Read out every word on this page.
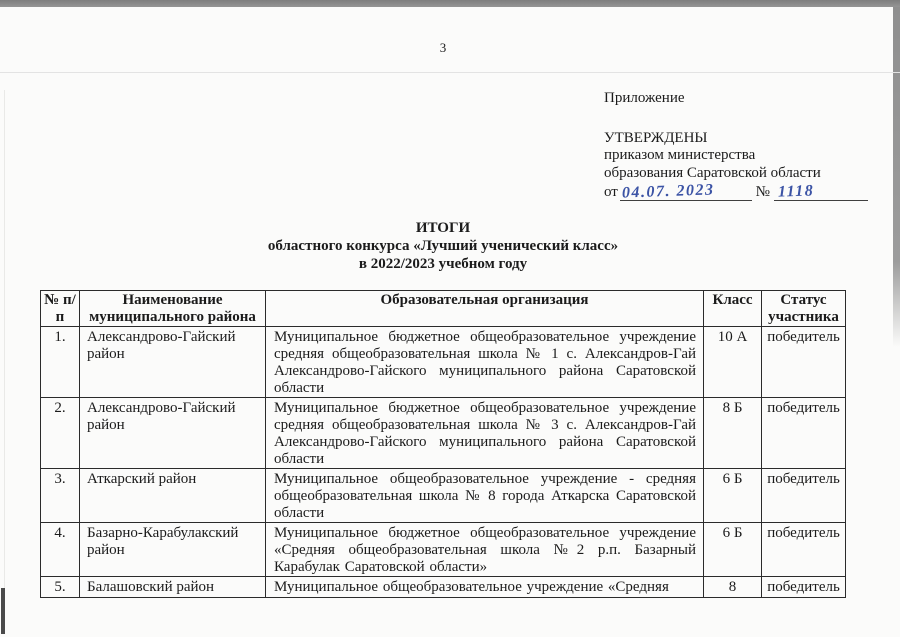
3
Приложение
УТВЕРЖДЕНЫ
приказом министерства
образования Саратовской области
от 04.07. 2023	№ 1118
ИТОГИ
областного конкурса «Лучший ученический класс»
в 2022/2023 учебном году
№ п/п	Наименование муниципального района	Образовательная организация	Класс	Статус участника
1.	Александрово-Гайский район	Муниципальное бюджетное общеобразовательное учреждение средняя общеобразовательная школа № 1 с. Александров-Гай Александрово-Гайского муниципального района Саратовской области	10 А	победитель
2.	Александрово-Гайский район	Муниципальное бюджетное общеобразовательное учреждение средняя общеобразовательная школа № 3 с. Александров-Гай Александрово-Гайского муниципального района Саратовской области	8 Б	победитель
3.	Аткарский район	Муниципальное общеобразовательное учреждение - средняя общеобразовательная школа № 8 города Аткарска Саратовской области	6 Б	победитель
4.	Базарно-Карабулакский район	Муниципальное бюджетное общеобразовательное учреждение «Средняя общеобразовательная школа №2 р.п. Базарный Карабулак Саратовской области»	6 Б	победитель
5.	Балашовский район	Муниципальное общеобразовательное учреждение «Средняя	8	победитель
